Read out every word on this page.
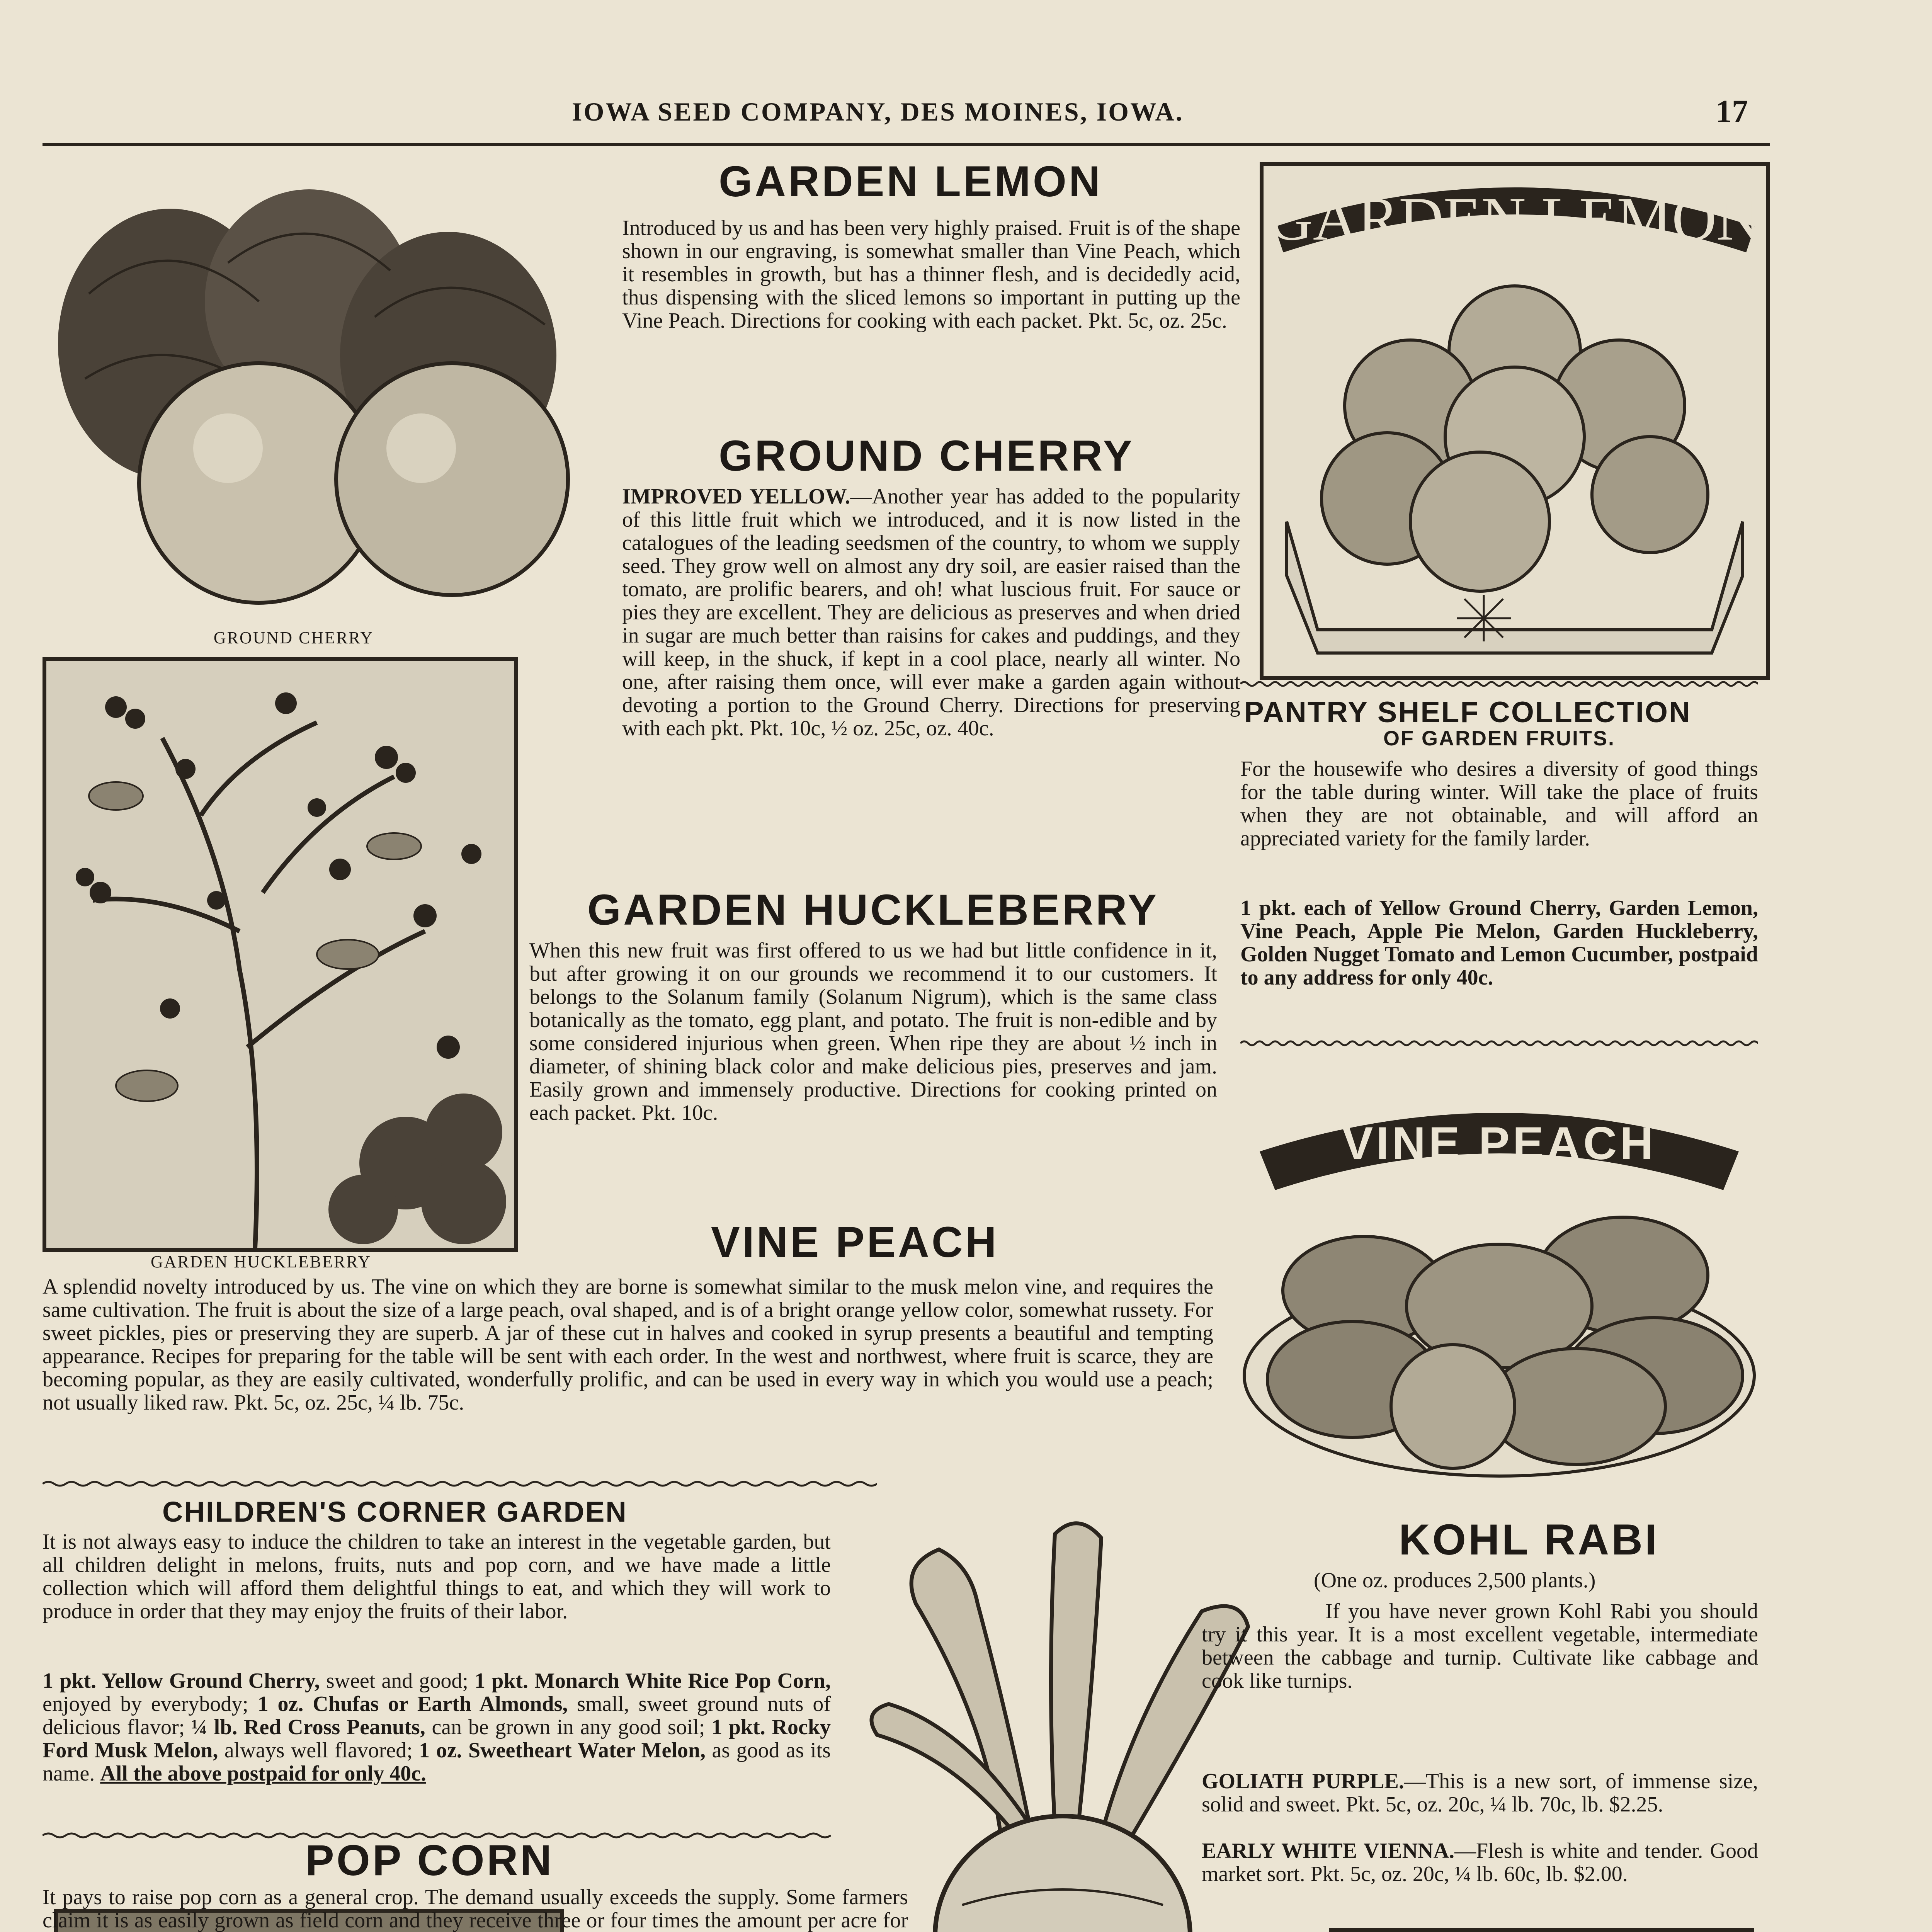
IOWA SEED COMPANY, DES MOINES, IOWA.	17
GROUND CHERRY
GARDEN LEMON
Introduced by us and has been very highly praised. Fruit is of the shape shown in our engraving, is somewhat smaller than Vine Peach, which it resembles in growth, but has a thinner flesh, and is decidedly acid, thus dispensing with the sliced lemons so important in putting up the Vine Peach. Directions for cooking with each packet. Pkt. 5c, oz. 25c.
GARDEN LEMON
GROUND CHERRY
IMPROVED YELLOW.—Another year has added to the popularity of this little fruit which we introduced, and it is now listed in the catalogues of the leading seedsmen of the country, to whom we supply seed. They grow well on almost any dry soil, are easier raised than the tomato, are prolific bearers, and oh! what luscious fruit. For sauce or pies they are excellent. They are delicious as preserves and when dried in sugar are much better than raisins for cakes and puddings, and they will keep, in the shuck, if kept in a cool place, nearly all winter. No one, after raising them once, will ever make a garden again without devoting a portion to the Ground Cherry. Directions for preserving with each pkt. Pkt. 10c, ½ oz. 25c, oz. 40c.
GARDEN HUCKLEBERRY
GARDEN HUCKLEBERRY
When this new fruit was first offered to us we had but little confidence in it, but after growing it on our grounds we recommend it to our customers. It belongs to the Solanum family (Solanum Nigrum), which is the same class botanically as the tomato, egg plant, and potato. The fruit is non-edible and by some considered injurious when green. When ripe they are about ½ inch in diameter, of shining black color and make delicious pies, preserves and jam. Easily grown and immensely productive. Directions for cooking printed on each packet. Pkt. 10c.
PANTRY SHELF COLLECTION
OF GARDEN FRUITS.
For the housewife who desires a diversity of good things for the table during winter. Will take the place of fruits when they are not obtainable, and will afford an appreciated variety for the family larder.
1 pkt. each of Yellow Ground Cherry, Garden Lemon, Vine Peach, Apple Pie Melon, Garden Huckleberry, Golden Nugget Tomato and Lemon Cucumber, postpaid to any address for only 40c.
VINE PEACH
VINE PEACH
A splendid novelty introduced by us. The vine on which they are borne is somewhat similar to the musk melon vine, and requires the same cultivation. The fruit is about the size of a large peach, oval shaped, and is of a bright orange yellow color, somewhat russety. For sweet pickles, pies or preserving they are superb. A jar of these cut in halves and cooked in syrup presents a beautiful and tempting appearance. Recipes for preparing for the table will be sent with each order. In the west and northwest, where fruit is scarce, they are becoming popular, as they are easily cultivated, wonderfully prolific, and can be used in every way in which you would use a peach; not usually liked raw. Pkt. 5c, oz. 25c, ¼ lb. 75c.
CHILDREN'S CORNER GARDEN
It is not always easy to induce the children to take an interest in the vegetable garden, but all children delight in melons, fruits, nuts and pop corn, and we have made a little collection which will afford them delightful things to eat, and which they will work to produce in order that they may enjoy the fruits of their labor.
1 pkt. Yellow Ground Cherry, sweet and good; 1 pkt. Monarch White Rice Pop Corn, enjoyed by everybody; 1 oz. Chufas or Earth Almonds, small, sweet ground nuts of delicious flavor; ¼ lb. Red Cross Peanuts, can be grown in any good soil; 1 pkt. Rocky Ford Musk Melon, always well flavored; 1 oz. Sweetheart Water Melon, as good as its name. All the above postpaid for only 40c.
KOHL RABI
(One oz. produces 2,500 plants.)
If you have never grown Kohl Rabi you should try it this year. It is a most excellent vegetable, intermediate between the cabbage and turnip. Cultivate like cabbage and cook like turnips.
GOLIATH PURPLE.—This is a new sort, of immense size, solid and sweet. Pkt. 5c, oz. 20c, ¼ lb. 70c, lb. $2.25.
EARLY WHITE VIENNA.—Flesh is white and tender. Good market sort. Pkt. 5c, oz. 20c, ¼ lb. 60c, lb. $2.00.
POP CORN
It pays to raise pop corn as a general crop. The demand usually exceeds the supply. Some farmers claim it is as easily grown as field corn and they receive three or four times the amount per acre for
